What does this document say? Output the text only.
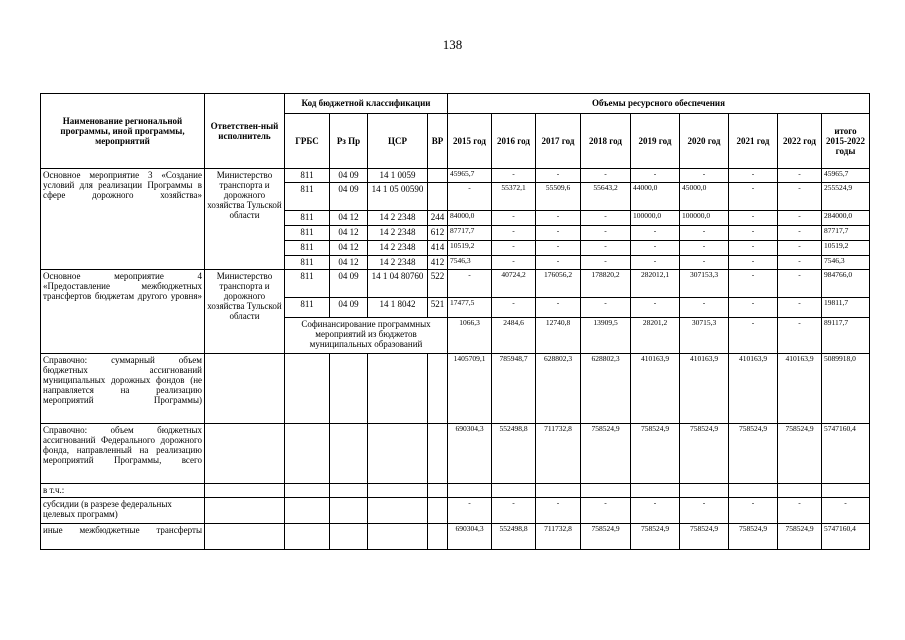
138
Наименование региональной программы, иной программы, мероприятий	Ответствен-ный исполнитель	Код бюджетной классификации				Объемы ресурсного обеспечения								
		ГРБС	Рз Пр	ЦСР	ВР	2015 год	2016 год	2017 год	2018 год	2019 год	2020 год	2021 год	2022 год	итого 2015-2022 годы
Основное мероприятие 3 «Создание условий для реализации Программы в сфере дорожного хозяйства»	Министерство транспорта и дорожного хозяйства Тульской области	811	04 09	14 1 0059		45965,7	-	-	-	-	-	-	-	45965,7
		811	04 09	14 1 05 00590		-	55372,1	55509,6	55643,2	44000,0	45000,0	-	-	255524,9
		811	04 12	14 2 2348	244	84000,0	-	-	-	100000,0	100000,0	-	-	284000,0
		811	04 12	14 2 2348	612	87717,7	-	-	-	-	-	-	-	87717,7
		811	04 12	14 2 2348	414	10519,2	-	-	-	-	-	-	-	10519,2
		811	04 12	14 2 2348	412	7546,3	-	-	-	-	-	-	-	7546,3
Основное мероприятие 4 «Предоставление межбюджетных трансфертов бюджетам другого уровня»	Министерство транспорта и дорожного хозяйства Тульской области	811	04 09	14 1 04 80760	522	-	40724,2	176056,2	178820,2	282012,1	307153,3	-	-	984766,0
		811	04 09	14 1 8042	521	17477,5	-	-	-	-	-	-	-	19811,7
		Софинансирование программных мероприятий из бюджетов муниципальных образований				1066,3	2484,6	12740,8	13909,5	28201,2	30715,3	-	-	89117,7
Справочно: суммарный объем бюджетных ассигнований муниципальных дорожных фондов (не направляется на реализацию мероприятий Программы)						1405709,1	785948,7	628802,3	628802,3	410163,9	410163,9	410163,9	410163,9	5089918,0
Справочно: объем бюджетных ассигнований Федерального дорожного фонда, направленный на реализацию мероприятий Программы, всего						690304,3	552498,8	711732,8	758524,9	758524,9	758524,9	758524,9	758524,9	5747160,4
в т.ч.:														
субсидии (в разрезе федеральных целевых программ)						-	-	-	-	-	-	-	-	-
иные межбюджетные трансферты						690304,3	552498,8	711732,8	758524,9	758524,9	758524,9	758524,9	758524,9	5747160,4
